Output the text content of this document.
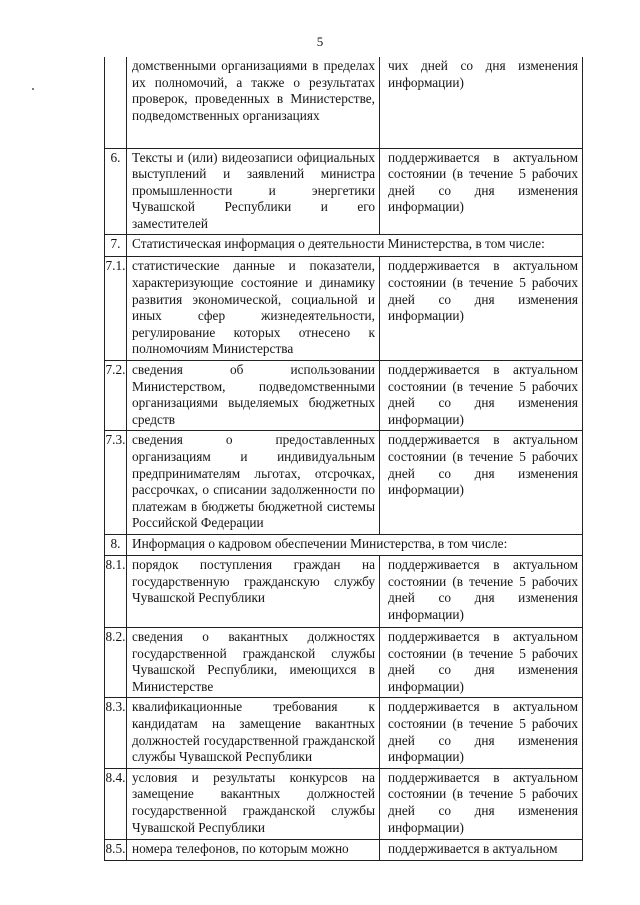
5
	домственными организациями в пределах их полномочий, а также о результатах проверок, проведенных в Министерстве, подведомственных организациях	чих дней со дня изменения информации)
6.	Тексты и (или) видеозаписи официальных выступлений и заявлений министра промышленности и энергетики Чувашской Республики и его заместителей	поддерживается в актуальном состоянии (в течение 5 рабочих дней со дня изменения информации)
7.	Статистическая информация о деятельности Министерства, в том числе:	
7.1.	статистические данные и показатели, характеризующие состояние и динамику развития экономической, социальной и иных сфер жизнедеятельности, регулирование которых отнесено к полномочиям Министерства	поддерживается в актуальном состоянии (в течение 5 рабочих дней со дня изменения информации)
7.2.	сведения об использовании Министерством, подведомственными организациями выделяемых бюджетных средств	поддерживается в актуальном состоянии (в течение 5 рабочих дней со дня изменения информации)
7.3.	сведения о предоставленных организациям и индивидуальным предпринимателям льготах, отсрочках, рассрочках, о списании задолженности по платежам в бюджеты бюджетной системы Российской Федерации	поддерживается в актуальном состоянии (в течение 5 рабочих дней со дня изменения информации)
8.	Информация о кадровом обеспечении Министерства, в том числе:	
8.1.	порядок поступления граждан на государственную гражданскую службу Чувашской Республики	поддерживается в актуальном состоянии (в течение 5 рабочих дней со дня изменения информации)
8.2.	сведения о вакантных должностях государственной гражданской службы Чувашской Республики, имеющихся в Министерстве	поддерживается в актуальном состоянии (в течение 5 рабочих дней со дня изменения информации)
8.3.	квалификационные требования к кандидатам на замещение вакантных должностей государственной гражданской службы Чувашской Республики	поддерживается в актуальном состоянии (в течение 5 рабочих дней со дня изменения информации)
8.4.	условия и результаты конкурсов на замещение вакантных должностей государственной гражданской службы Чувашской Республики	поддерживается в актуальном состоянии (в течение 5 рабочих дней со дня изменения информации)
8.5.	номера телефонов, по которым можно	поддерживается в актуальном
